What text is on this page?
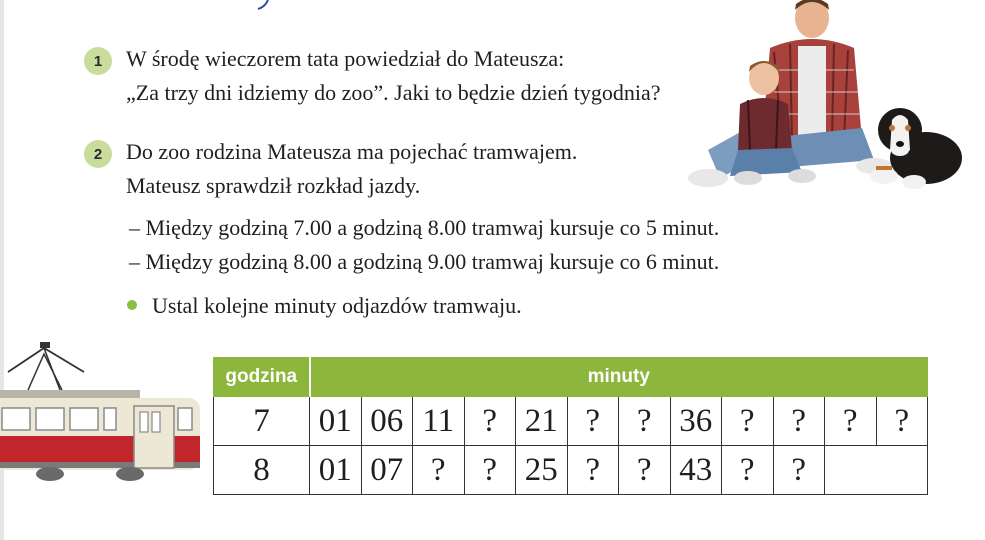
1	W środę wieczorem tata powiedział do Mateusza:
„Za trzy dni idziemy do zoo”. Jaki to będzie dzień tygodnia?
2	Do zoo rodzina Mateusza ma pojechać tramwajem.
Mateusz sprawdził rozkład jazdy.
– Między godziną 7.00 a godziną 8.00 tramwaj kursuje co 5 minut.
– Między godziną 8.00 a godziną 9.00 tramwaj kursuje co 6 minut.
Ustal kolejne minuty odjazdów tramwaju.
godzina	minuty											
7	01	06	11	?	21	?	?	36	?	?	?	?
8	01	07	?	?	25	?	?	43	?	?		
